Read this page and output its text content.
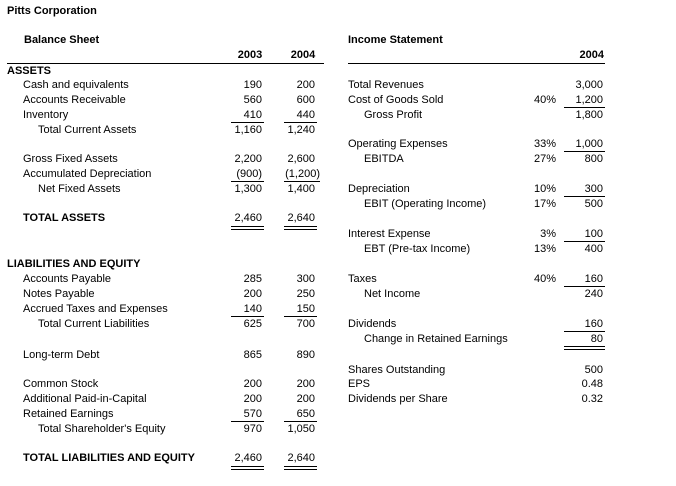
Pitts Corporation
Balance Sheet
2003	2004
ASSETS
Cash and equivalents	190	200
Accounts Receivable	560	600
Inventory	410	440
Total Current Assets	1,160	1,240
Gross Fixed Assets	2,200	2,600
Accumulated Depreciation	(900)	(1,200)
Net Fixed Assets	1,300	1,400
TOTAL ASSETS	2,460	2,640
LIABILITIES AND EQUITY
Accounts Payable	285	300
Notes Payable	200	250
Accrued Taxes and Expenses	140	150
Total Current Liabilities	625	700
Long-term Debt	865	890
Common Stock	200	200
Additional Paid-in-Capital	200	200
Retained Earnings	570	650
Total Shareholder's Equity	970	1,050
TOTAL LIABILITIES AND EQUITY	2,460	2,640
Income Statement
2004
Total Revenues	3,000
Cost of Goods Sold	40%	1,200
Gross Profit	1,800
Operating Expenses	33%	1,000
EBITDA	27%	800
Depreciation	10%	300
EBIT (Operating Income)	17%	500
Interest Expense	3%	100
EBT (Pre-tax Income)	13%	400
Taxes	40%	160
Net Income	240
Dividends	160
Change in Retained Earnings	80
Shares Outstanding	500
EPS	0.48
Dividends per Share	0.32
